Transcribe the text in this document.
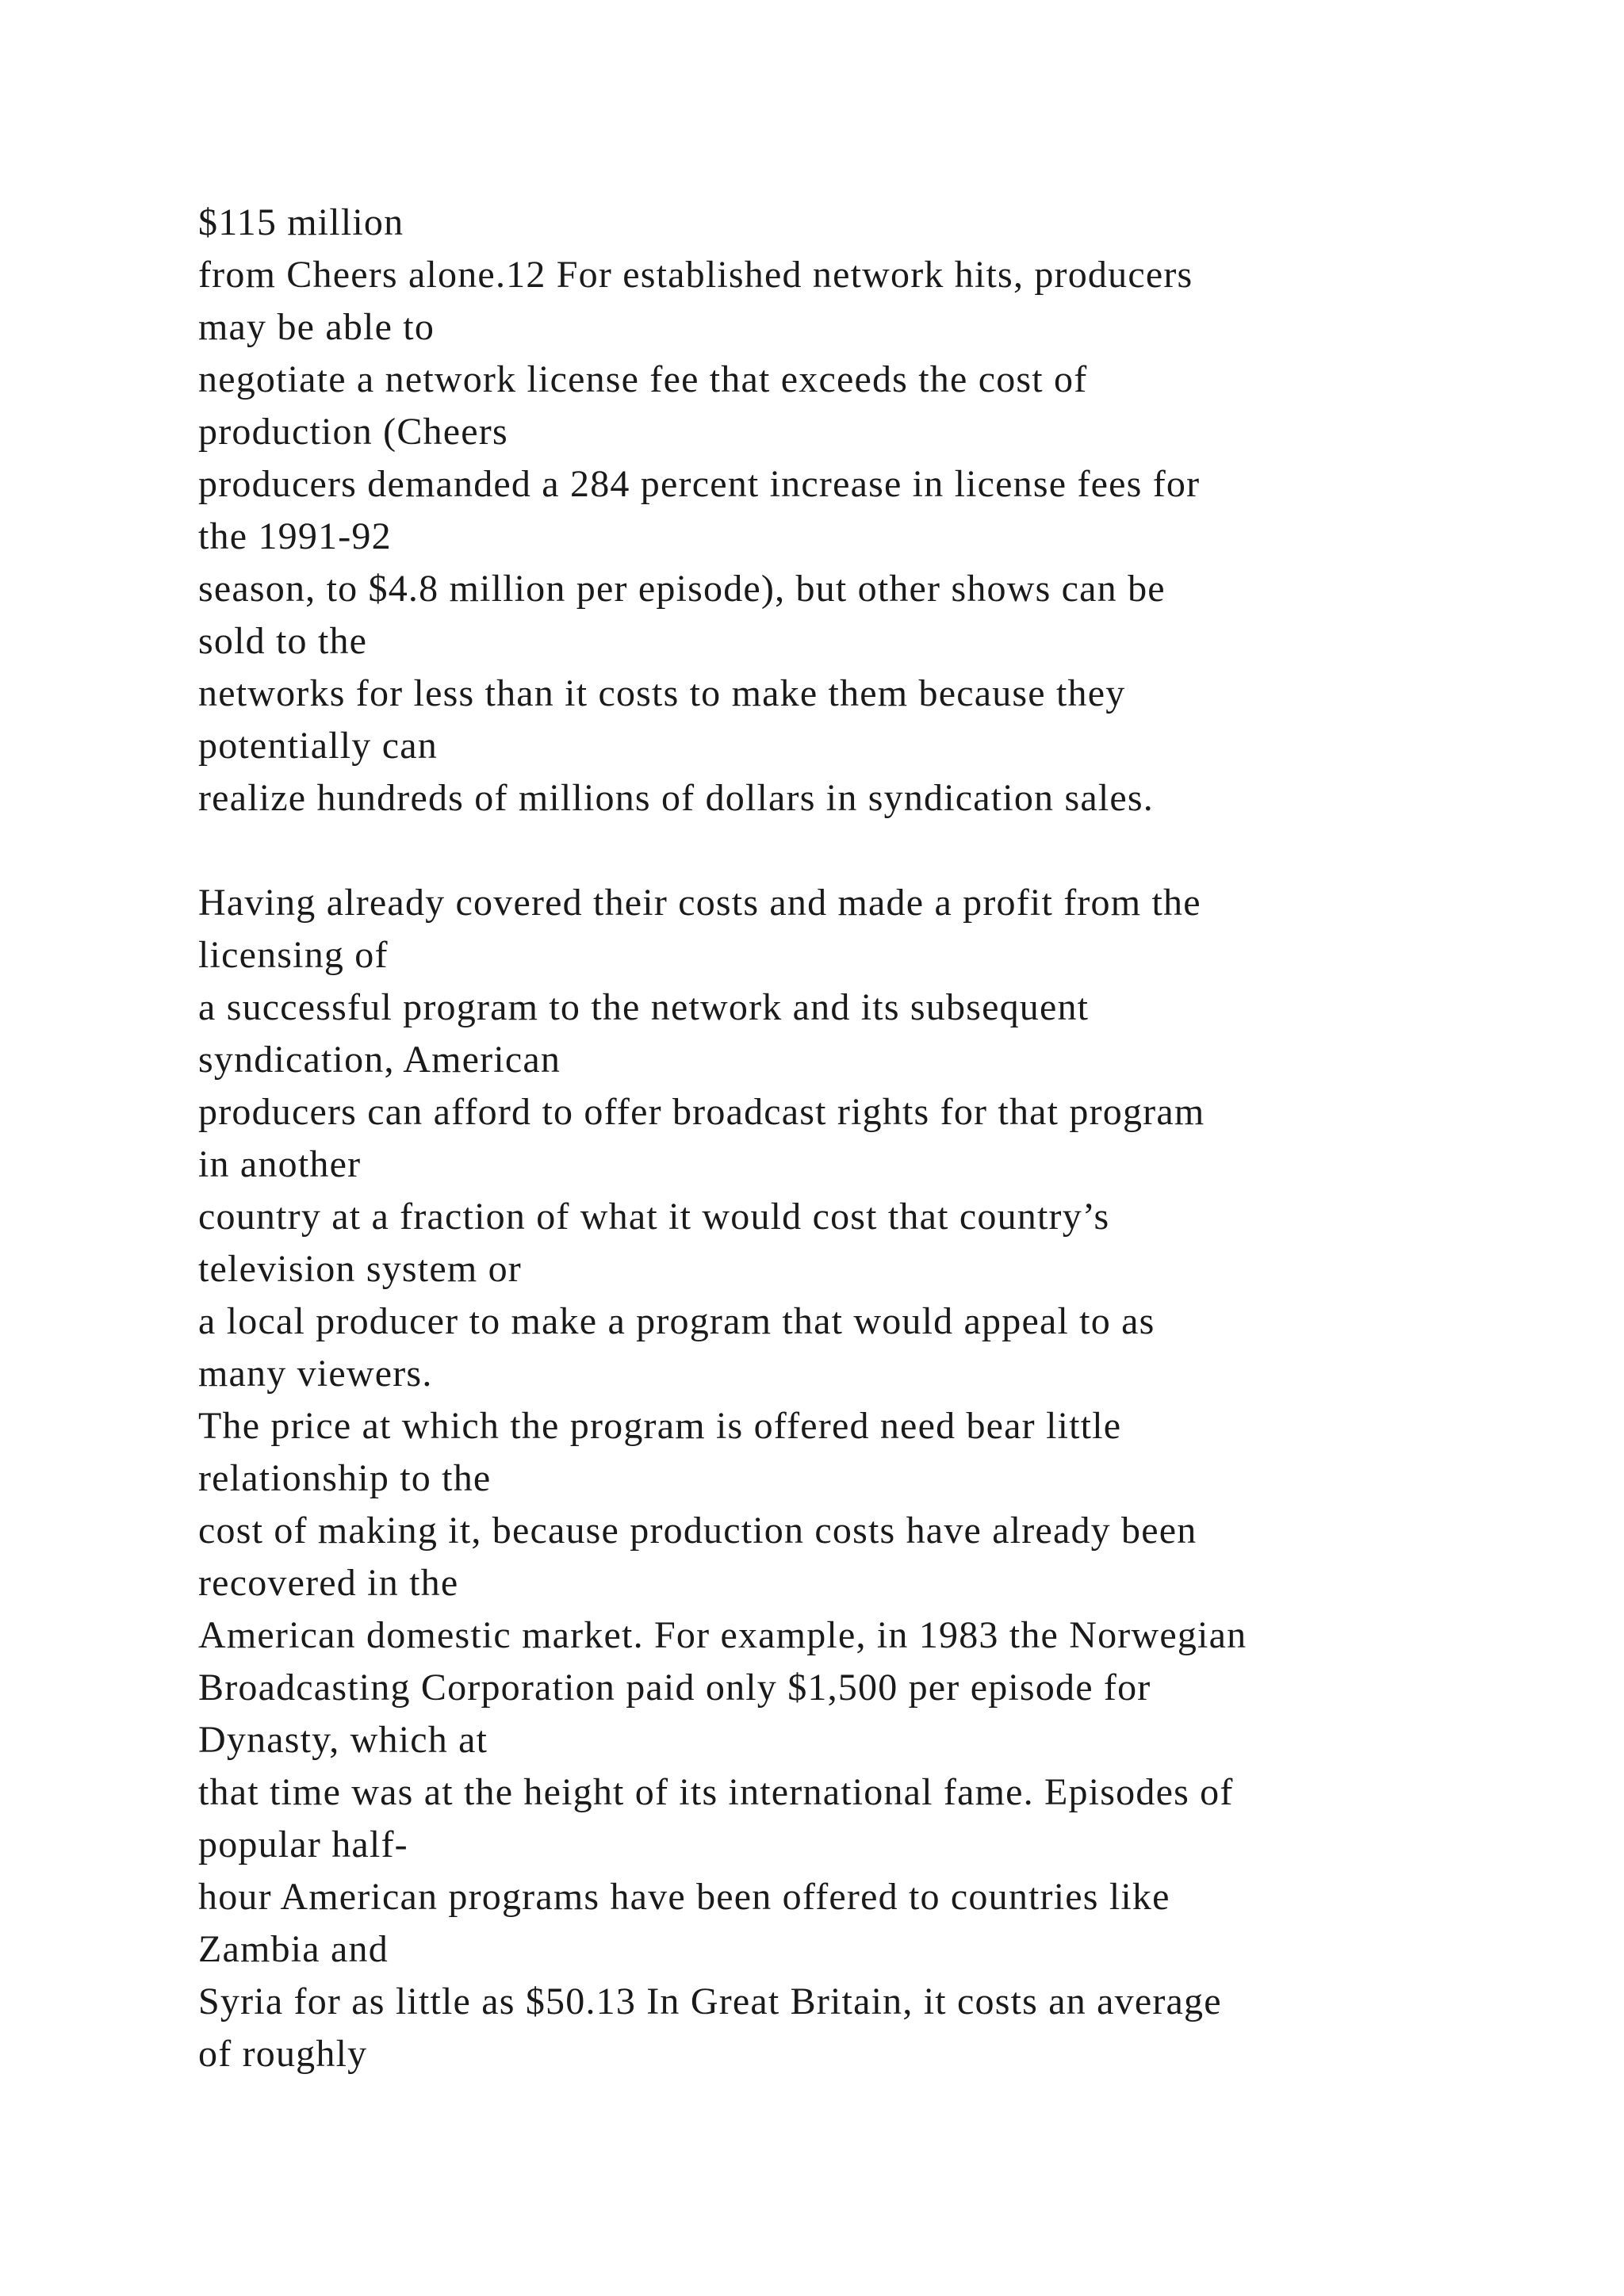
$115 million
from Cheers alone.12 For established network hits, producers
may be able to
negotiate a network license fee that exceeds the cost of
production (Cheers
producers demanded a 284 percent increase in license fees for
the 1991-92
season, to $4.8 million per episode), but other shows can be
sold to the
networks for less than it costs to make them because they
potentially can
realize hundreds of millions of dollars in syndication sales.
Having already covered their costs and made a profit from the
licensing of
a successful program to the network and its subsequent
syndication, American
producers can afford to offer broadcast rights for that program
in another
country at a fraction of what it would cost that country’s
television system or
a local producer to make a program that would appeal to as
many viewers.
The price at which the program is offered need bear little
relationship to the
cost of making it, because production costs have already been
recovered in the
American domestic market. For example, in 1983 the Norwegian
Broadcasting Corporation paid only $1,500 per episode for
Dynasty, which at
that time was at the height of its international fame. Episodes of
popular half-
hour American programs have been offered to countries like
Zambia and
Syria for as little as $50.13 In Great Britain, it costs an average
of roughly
